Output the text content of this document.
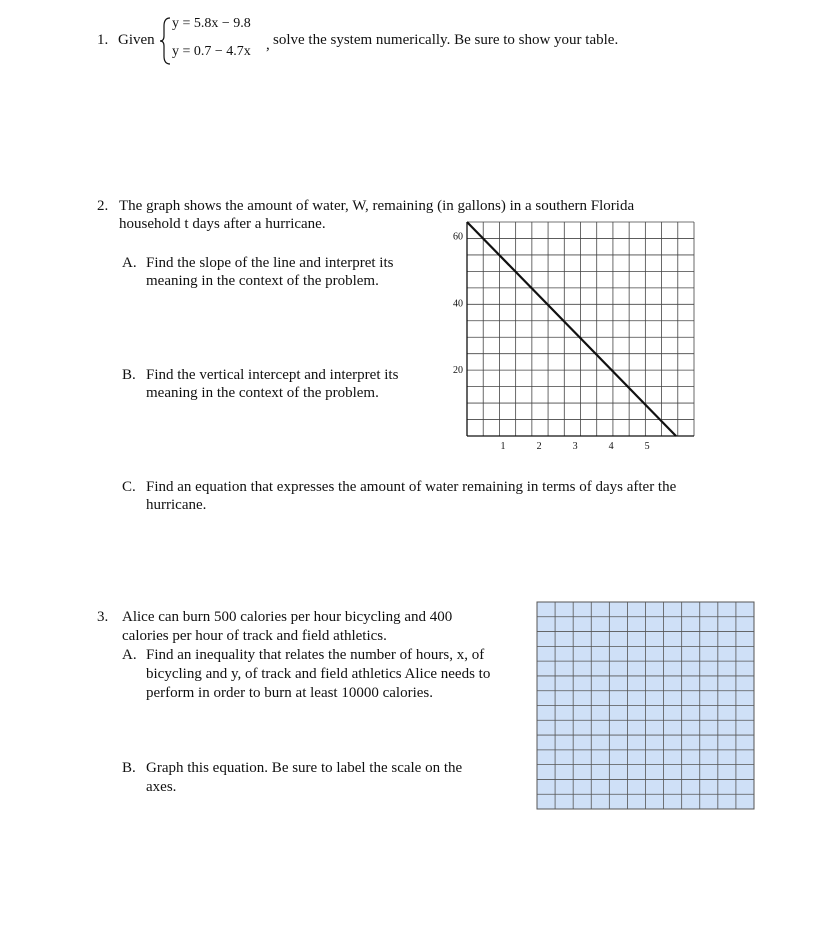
1. Given
y = 5.8x − 9.8
y = 0.7 − 4.7x , solve the system numerically. Be sure to show your table.
2. The graph shows the amount of water, W, remaining (in gallons) in a southern Florida
household t days after a hurricane.
A. Find the slope of the line and interpret its
meaning in the context of the problem.
B. Find the vertical intercept and interpret its
meaning in the context of the problem.
C. Find an equation that expresses the amount of water remaining in terms of days after the
hurricane.
1	2	3	4	5
20
40
60
3. Alice can burn 500 calories per hour bicycling and 400
calories per hour of track and field athletics.
A. Find an inequality that relates the number of hours, x, of
bicycling and y, of track and field athletics Alice needs to
perform in order to burn at least 10000 calories.
B. Graph this equation. Be sure to label the scale on the
axes.
